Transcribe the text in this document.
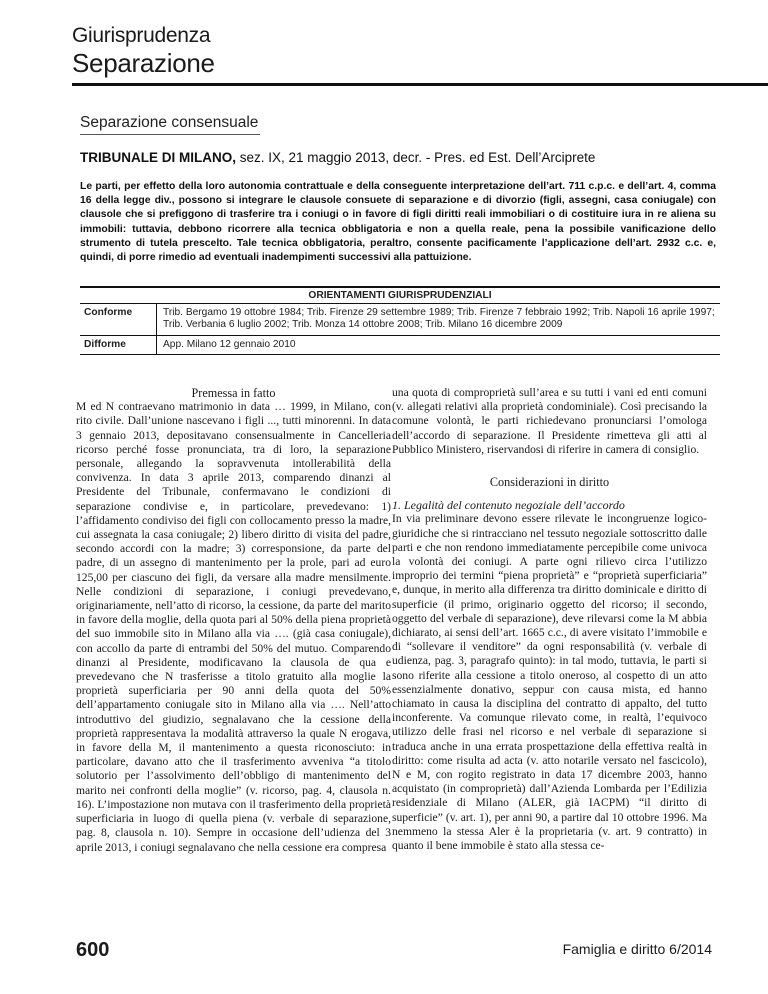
Giurisprudenza
Separazione
Separazione consensuale
TRIBUNALE DI MILANO, sez. IX, 21 maggio 2013, decr. - Pres. ed Est. Dell’Arciprete
Le parti, per effetto della loro autonomia contrattuale e della conseguente interpretazione dell’art. 711 c.p.c. e dell’art. 4, comma 16 della legge div., possono si integrare le clausole consuete di separazione e di divorzio (figli, assegni, casa coniugale) con clausole che si prefiggono di trasferire tra i coniugi o in favore di figli diritti reali immobiliari o di costituire iura in re aliena su immobili: tuttavia, debbono ricorrere alla tecnica obbligatoria e non a quella reale, pena la possibile vanificazione dello strumento di tutela prescelto. Tale tecnica obbligatoria, peraltro, consente pacificamente l’applicazione dell’art. 2932 c.c. e, quindi, di porre rimedio ad eventuali inadempimenti successivi alla pattuizione.
ORIENTAMENTI GIURISPRUDENZIALI	
Conforme	Trib. Bergamo 19 ottobre 1984; Trib. Firenze 29 settembre 1989; Trib. Firenze 7 febbraio 1992; Trib. Napoli 16 aprile 1997; Trib. Verbania 6 luglio 2002; Trib. Monza 14 ottobre 2008; Trib. Milano 16 dicembre 2009
Difforme	App. Milano 12 gennaio 2010

Premessa in fatto

M ed N contraevano matrimonio in data … 1999, in Milano, con rito civile. Dall’unione nascevano i figli ..., tutti minorenni. In data 3 gennaio 2013, depositavano consensualmente in Cancelleria ricorso perché fosse pronunciata, tra di loro, la separazione personale, allegando la sopravvenuta intollerabilità della convivenza. In data 3 aprile 2013, comparendo dinanzi al Presidente del Tribunale, confermavano le condizioni di separazione condivise e, in particolare, prevedevano: 1) l’affidamento condiviso dei figli con collocamento presso la madre, cui assegnata la casa coniugale; 2) libero diritto di visita del padre, secondo accordi con la madre; 3) corresponsione, da parte del padre, di un assegno di mantenimento per la prole, pari ad euro 125,00 per ciascuno dei figli, da versare alla madre mensilmente. Nelle condizioni di separazione, i coniugi prevedevano, originariamente, nell’atto di ricorso, la cessione, da parte del marito in favore della moglie, della quota pari al 50% della piena proprietà del suo immobile sito in Milano alla via …. (già casa coniugale), con accollo da parte di entrambi del 50% del mutuo. Comparendo dinanzi al Presidente, modificavano la clausola de qua e prevedevano che N trasferisse a titolo gratuito alla moglie la proprietà superficiaria per 90 anni della quota del 50% dell’appartamento coniugale sito in Milano alla via …. Nell’atto introduttivo del giudizio, segnalavano che la cessione della proprietà rappresentava la modalità attraverso la quale N erogava, in favore della M, il mantenimento a questa riconosciuto: in particolare, davano atto che il trasferimento avveniva “a titolo solutorio per l’assolvimento dell’obbligo di mantenimento del marito nei confronti della moglie” (v. ricorso, pag. 4, clausola n. 16). L’impostazione non mutava con il trasferimento della proprietà superficiaria in luogo di quella piena (v. verbale di separazione, pag. 8, clausola n. 10). Sempre in occasione dell’udienza del 3 aprile 2013, i coniugi segnalavano che nella cessione era compresa

una quota di comproprietà sull’area e su tutti i vani ed enti comuni (v. allegati relativi alla proprietà condominiale). Così precisando la comune volontà, le parti richiedevano pronunciarsi l’omologa dell’accordo di separazione. Il Presidente rimetteva gli atti al Pubblico Ministero, riservandosi di riferire in camera di consiglio.

Considerazioni in diritto

1. Legalità del contenuto negoziale dell’accordo

In via preliminare devono essere rilevate le incongruenze logico-giuridiche che si rintracciano nel tessuto negoziale sottoscritto dalle parti e che non rendono immediatamente percepibile come univoca la volontà dei coniugi. A parte ogni rilievo circa l’utilizzo improprio dei termini “piena proprietà” e “proprietà superficiaria” e, dunque, in merito alla differenza tra diritto dominicale e diritto di superficie (il primo, originario oggetto del ricorso; il secondo, oggetto del verbale di separazione), deve rilevarsi come la M abbia dichiarato, ai sensi dell’art. 1665 c.c., di avere visitato l’immobile e di “sollevare il venditore” da ogni responsabilità (v. verbale di udienza, pag. 3, paragrafo quinto): in tal modo, tuttavia, le parti si sono riferite alla cessione a titolo oneroso, al cospetto di un atto essenzialmente donativo, seppur con causa mista, ed hanno chiamato in causa la disciplina del contratto di appalto, del tutto inconferente. Va comunque rilevato come, in realtà, l’equivoco utilizzo delle frasi nel ricorso e nel verbale di separazione si traduca anche in una errata prospettazione della effettiva realtà in diritto: come risulta ad acta (v. atto notarile versato nel fascicolo), N e M, con rogito registrato in data 17 dicembre 2003, hanno acquistato (in comproprietà) dall’Azienda Lombarda per l’Edilizia residenziale di Milano (ALER, già IACPM) “il diritto di superficie” (v. art. 1), per anni 90, a partire dal 10 ottobre 1996. Ma nemmeno la stessa Aler è la proprietaria (v. art. 9 contratto) in quanto il bene immobile è stato alla stessa ce-

600	Famiglia e diritto 6/2014
